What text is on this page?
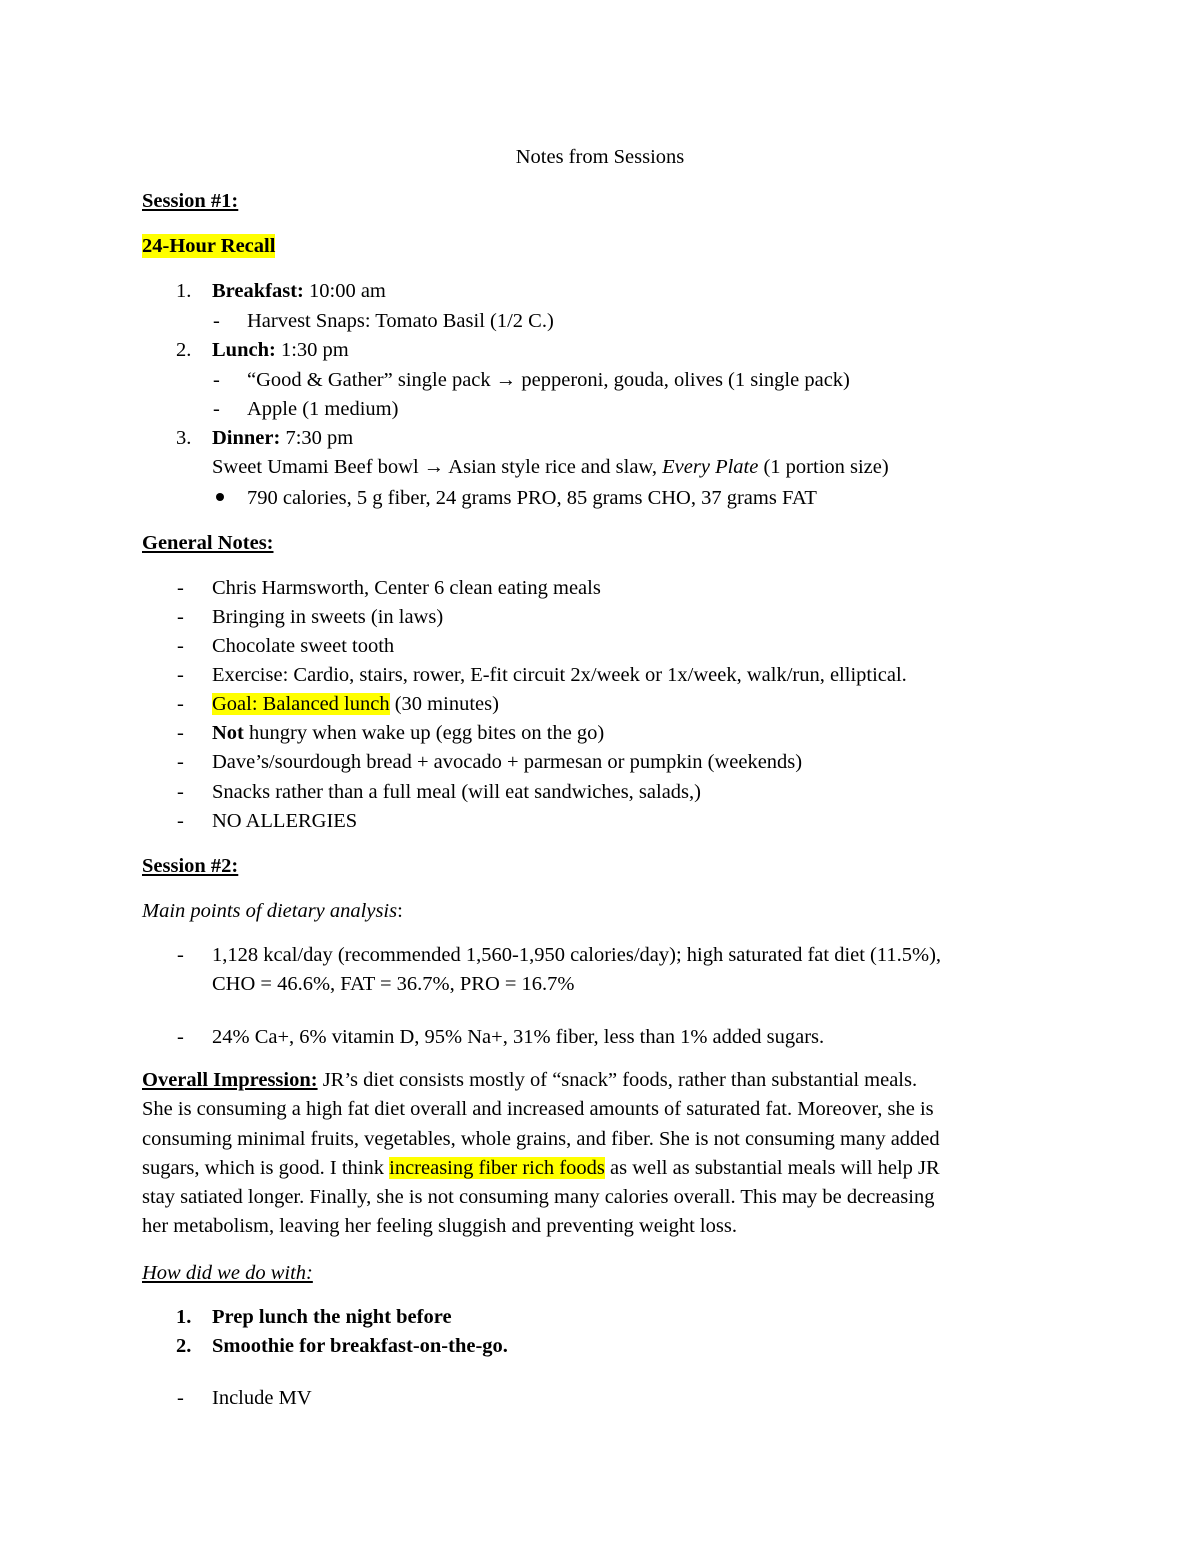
Notes from Sessions
Session #1:
24-Hour Recall
1. Breakfast: 10:00 am
- Harvest Snaps: Tomato Basil (1/2 C.)
2. Lunch: 1:30 pm
- “Good & Gather” single pack → pepperoni, gouda, olives (1 single pack)
- Apple (1 medium)
3. Dinner: 7:30 pm
Sweet Umami Beef bowl → Asian style rice and slaw, Every Plate (1 portion size)
790 calories, 5 g fiber, 24 grams PRO, 85 grams CHO, 37 grams FAT
General Notes:
- Chris Harmsworth, Center 6 clean eating meals
- Bringing in sweets (in laws)
- Chocolate sweet tooth
- Exercise: Cardio, stairs, rower, E-fit circuit 2x/week or 1x/week, walk/run, elliptical.
- Goal: Balanced lunch (30 minutes)
- Not hungry when wake up (egg bites on the go)
- Dave’s/sourdough bread + avocado + parmesan or pumpkin (weekends)
- Snacks rather than a full meal (will eat sandwiches, salads,)
- NO ALLERGIES
Session #2:
Main points of dietary analysis:
- 1,128 kcal/day (recommended 1,560-1,950 calories/day); high saturated fat diet (11.5%),
CHO = 46.6%, FAT = 36.7%, PRO = 16.7%
- 24% Ca+, 6% vitamin D, 95% Na+, 31% fiber, less than 1% added sugars.
Overall Impression: JR’s diet consists mostly of “snack” foods, rather than substantial meals.
She is consuming a high fat diet overall and increased amounts of saturated fat. Moreover, she is
consuming minimal fruits, vegetables, whole grains, and fiber. She is not consuming many added
sugars, which is good. I think increasing fiber rich foods as well as substantial meals will help JR
stay satiated longer. Finally, she is not consuming many calories overall. This may be decreasing
her metabolism, leaving her feeling sluggish and preventing weight loss.
How did we do with:
1. Prep lunch the night before
2. Smoothie for breakfast-on-the-go.
- Include MV
